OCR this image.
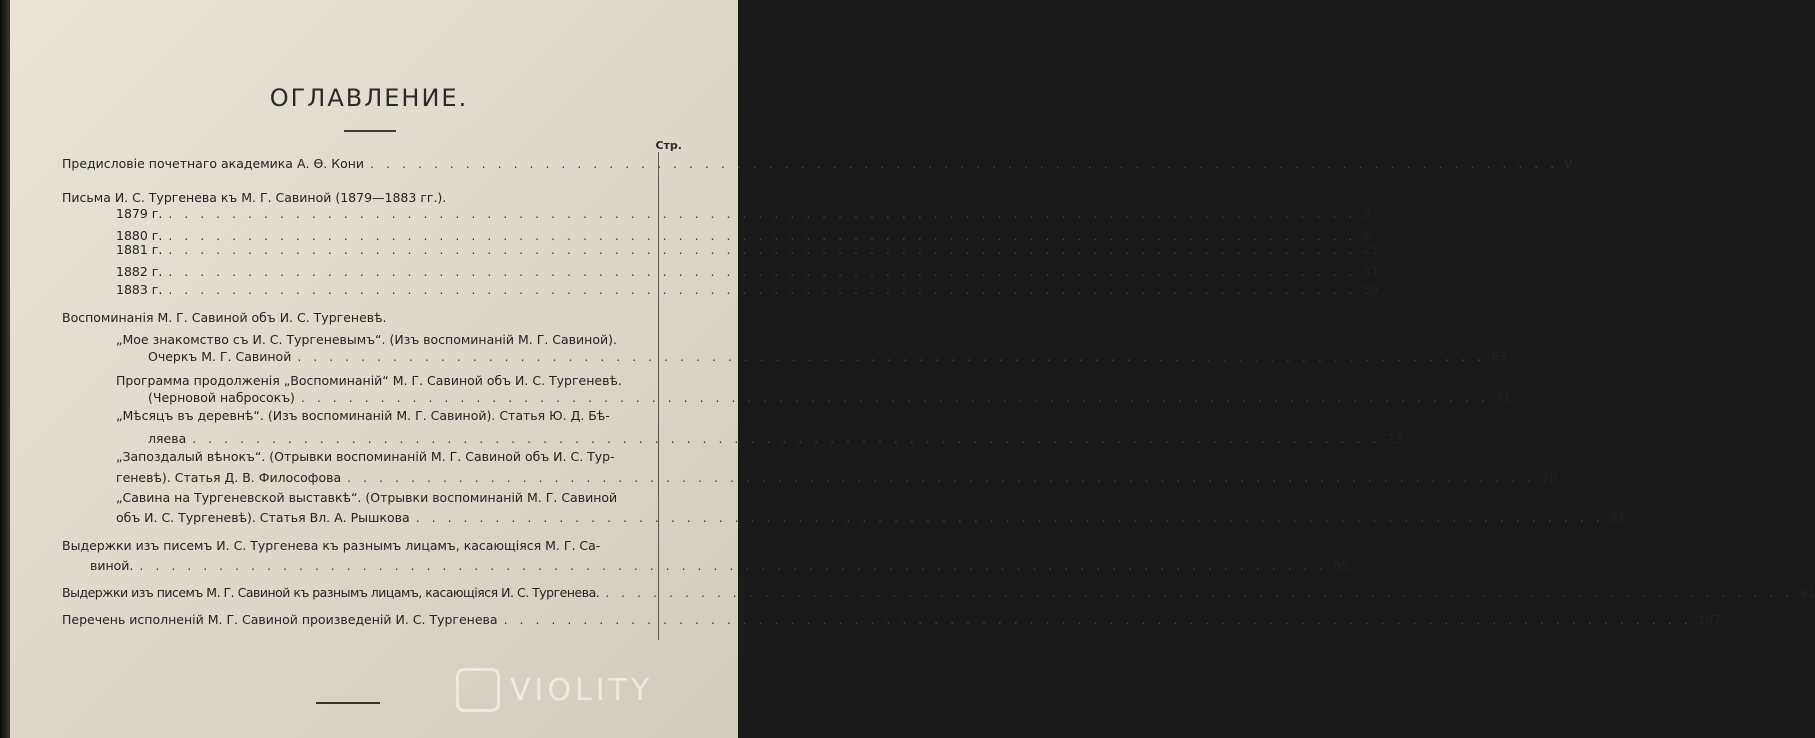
ОГЛАВЛЕНИЕ.
Стр.
Предисловіе почетнаго академика А. Ѳ. Кони . . . . . . . . . . . . . . . . . . . . . . . . . . . . . . . . . . . . . . . . . . . . . . . . . . . . . . . . . . . . . . . . . . . . . . . . . . . V
Письма И. С. Тургенева къ М. Г. Савиной (1879—1883 гг.).
1879 г. . . . . . . . . . . . . . . . . . . . . . . . . . . . . . . . . . . . . . . . . . . . . . . . . . . . . . . . . . . . . . . . . . . . . . . . . . . . 3
1880 г. . . . . . . . . . . . . . . . . . . . . . . . . . . . . . . . . . . . . . . . . . . . . . . . . . . . . . . . . . . . . . . . . . . . . . . . . . . . 4
1881 г. . . . . . . . . . . . . . . . . . . . . . . . . . . . . . . . . . . . . . . . . . . . . . . . . . . . . . . . . . . . . . . . . . . . . . . . . . . . 21
1882 г. . . . . . . . . . . . . . . . . . . . . . . . . . . . . . . . . . . . . . . . . . . . . . . . . . . . . . . . . . . . . . . . . . . . . . . . . . . . 37
1883 г. . . . . . . . . . . . . . . . . . . . . . . . . . . . . . . . . . . . . . . . . . . . . . . . . . . . . . . . . . . . . . . . . . . . . . . . . . . . 59
Воспоминанія М. Г. Савиной объ И. С. Тургеневѣ.
„Мое знакомство съ И. С. Тургеневымъ“. (Изъ воспоминаній М. Г. Савиной).
Очеркъ М. Г. Савиной . . . . . . . . . . . . . . . . . . . . . . . . . . . . . . . . . . . . . . . . . . . . . . . . . . . . . . . . . . . . . . . . . . . . . . . . . . . 63
Программа продолженія „Воспоминаній“ М. Г. Савиной объ И. С. Тургеневѣ.
(Черновой набросокъ) . . . . . . . . . . . . . . . . . . . . . . . . . . . . . . . . . . . . . . . . . . . . . . . . . . . . . . . . . . . . . . . . . . . . . . . . . . . 71
„Мѣсяцъ въ деревнѣ“. (Изъ воспоминаній М. Г. Савиной). Статья Ю. Д. Бѣ-
ляева . . . . . . . . . . . . . . . . . . . . . . . . . . . . . . . . . . . . . . . . . . . . . . . . . . . . . . . . . . . . . . . . . . . . . . . . . . . 73
„Запоздалый вѣнокъ“. (Отрывки воспоминаній М. Г. Савиной объ И. С. Тур-
геневѣ). Статья Д. В. Философова . . . . . . . . . . . . . . . . . . . . . . . . . . . . . . . . . . . . . . . . . . . . . . . . . . . . . . . . . . . . . . . . . . . . . . . . . . . 78
„Савина на Тургеневской выставкѣ“. (Отрывки воспоминаній М. Г. Савиной
объ И. С. Тургеневѣ). Статья Вл. А. Рышкова . . . . . . . . . . . . . . . . . . . . . . . . . . . . . . . . . . . . . . . . . . . . . . . . . . . . . . . . . . . . . . . . . . . . . . . . . . . 81
Выдержки изъ писемъ И. С. Тургенева къ разнымъ лицамъ, касающіяся М. Г. Са-
виной. . . . . . . . . . . . . . . . . . . . . . . . . . . . . . . . . . . . . . . . . . . . . . . . . . . . . . . . . . . . . . . . . . . . . . . . . . . . 85
Выдержки изъ писемъ М. Г. Савиной къ разнымъ лицамъ, касающіяся И. С. Тургенева. . . . . . . . . . . . . . . . . . . . . . . . . . . . . . . . . . . . . . . . . . . . . . . . . . . . . . . . . . . . . . . . . . . . . . . . . . . . 91
Перечень исполненій М. Г. Савиной произведеній И. С. Тургенева . . . . . . . . . . . . . . . . . . . . . . . . . . . . . . . . . . . . . . . . . . . . . . . . . . . . . . . . . . . . . . . . . . . . . . . . . . . 107
VIOLITY
